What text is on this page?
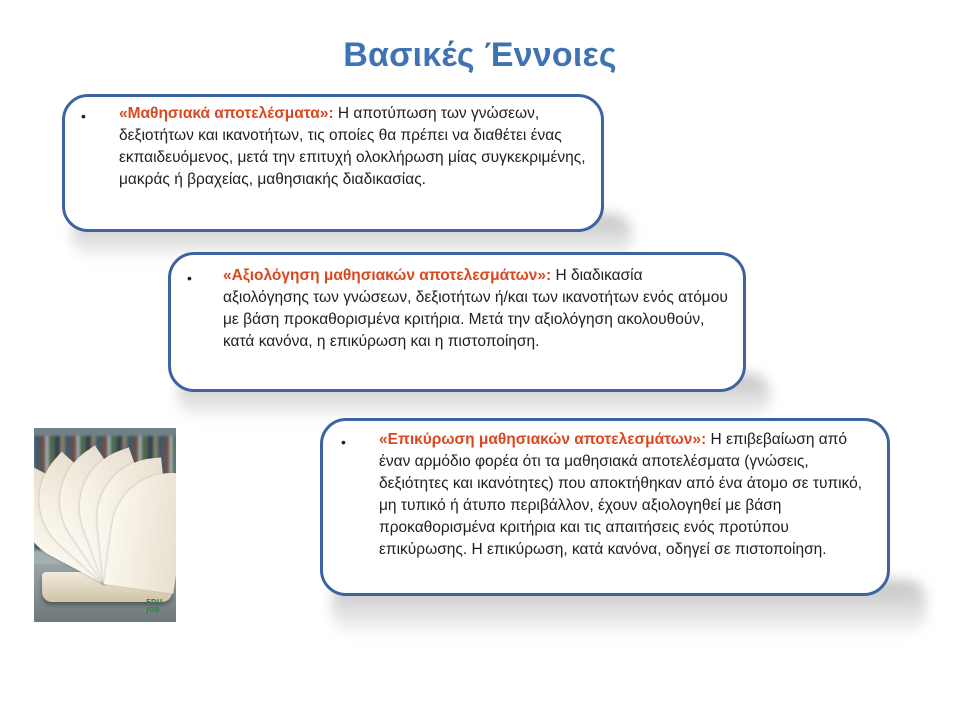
Βασικές Έννοιες
• «Μαθησιακά αποτελέσματα»: Η αποτύπωση των γνώσεων, δεξιοτήτων και ικανοτήτων, τις οποίες θα πρέπει να διαθέτει ένας εκπαιδευόμενος, μετά την επιτυχή ολοκλήρωση μίας συγκεκριμένης, μακράς ή βραχείας, μαθησιακής διαδικασίας.
• «Αξιολόγηση μαθησιακών αποτελεσμάτων»: Η διαδικασία αξιολόγησης των γνώσεων, δεξιοτήτων ή/και των ικανοτήτων ενός ατόμου με βάση προκαθορισμένα κριτήρια. Μετά την αξιολόγηση ακολουθούν, κατά κανόνα, η επικύρωση και η πιστοποίηση.
• «Επικύρωση μαθησιακών αποτελεσμάτων»: Η επιβεβαίωση από έναν αρμόδιο φορέα ότι τα μαθησιακά αποτελέσματα (γνώσεις, δεξιότητες και ικανότητες) που αποκτήθηκαν από ένα άτομο σε τυπικό, μη τυπικό ή άτυπο περιβάλλον, έχουν αξιολογηθεί με βάση προκαθορισμένα κριτήρια και τις απαιτήσεις ενός προτύπου επικύρωσης. Η επικύρωση, κατά κανόνα, οδηγεί σε πιστοποίηση.
EDU JOB
